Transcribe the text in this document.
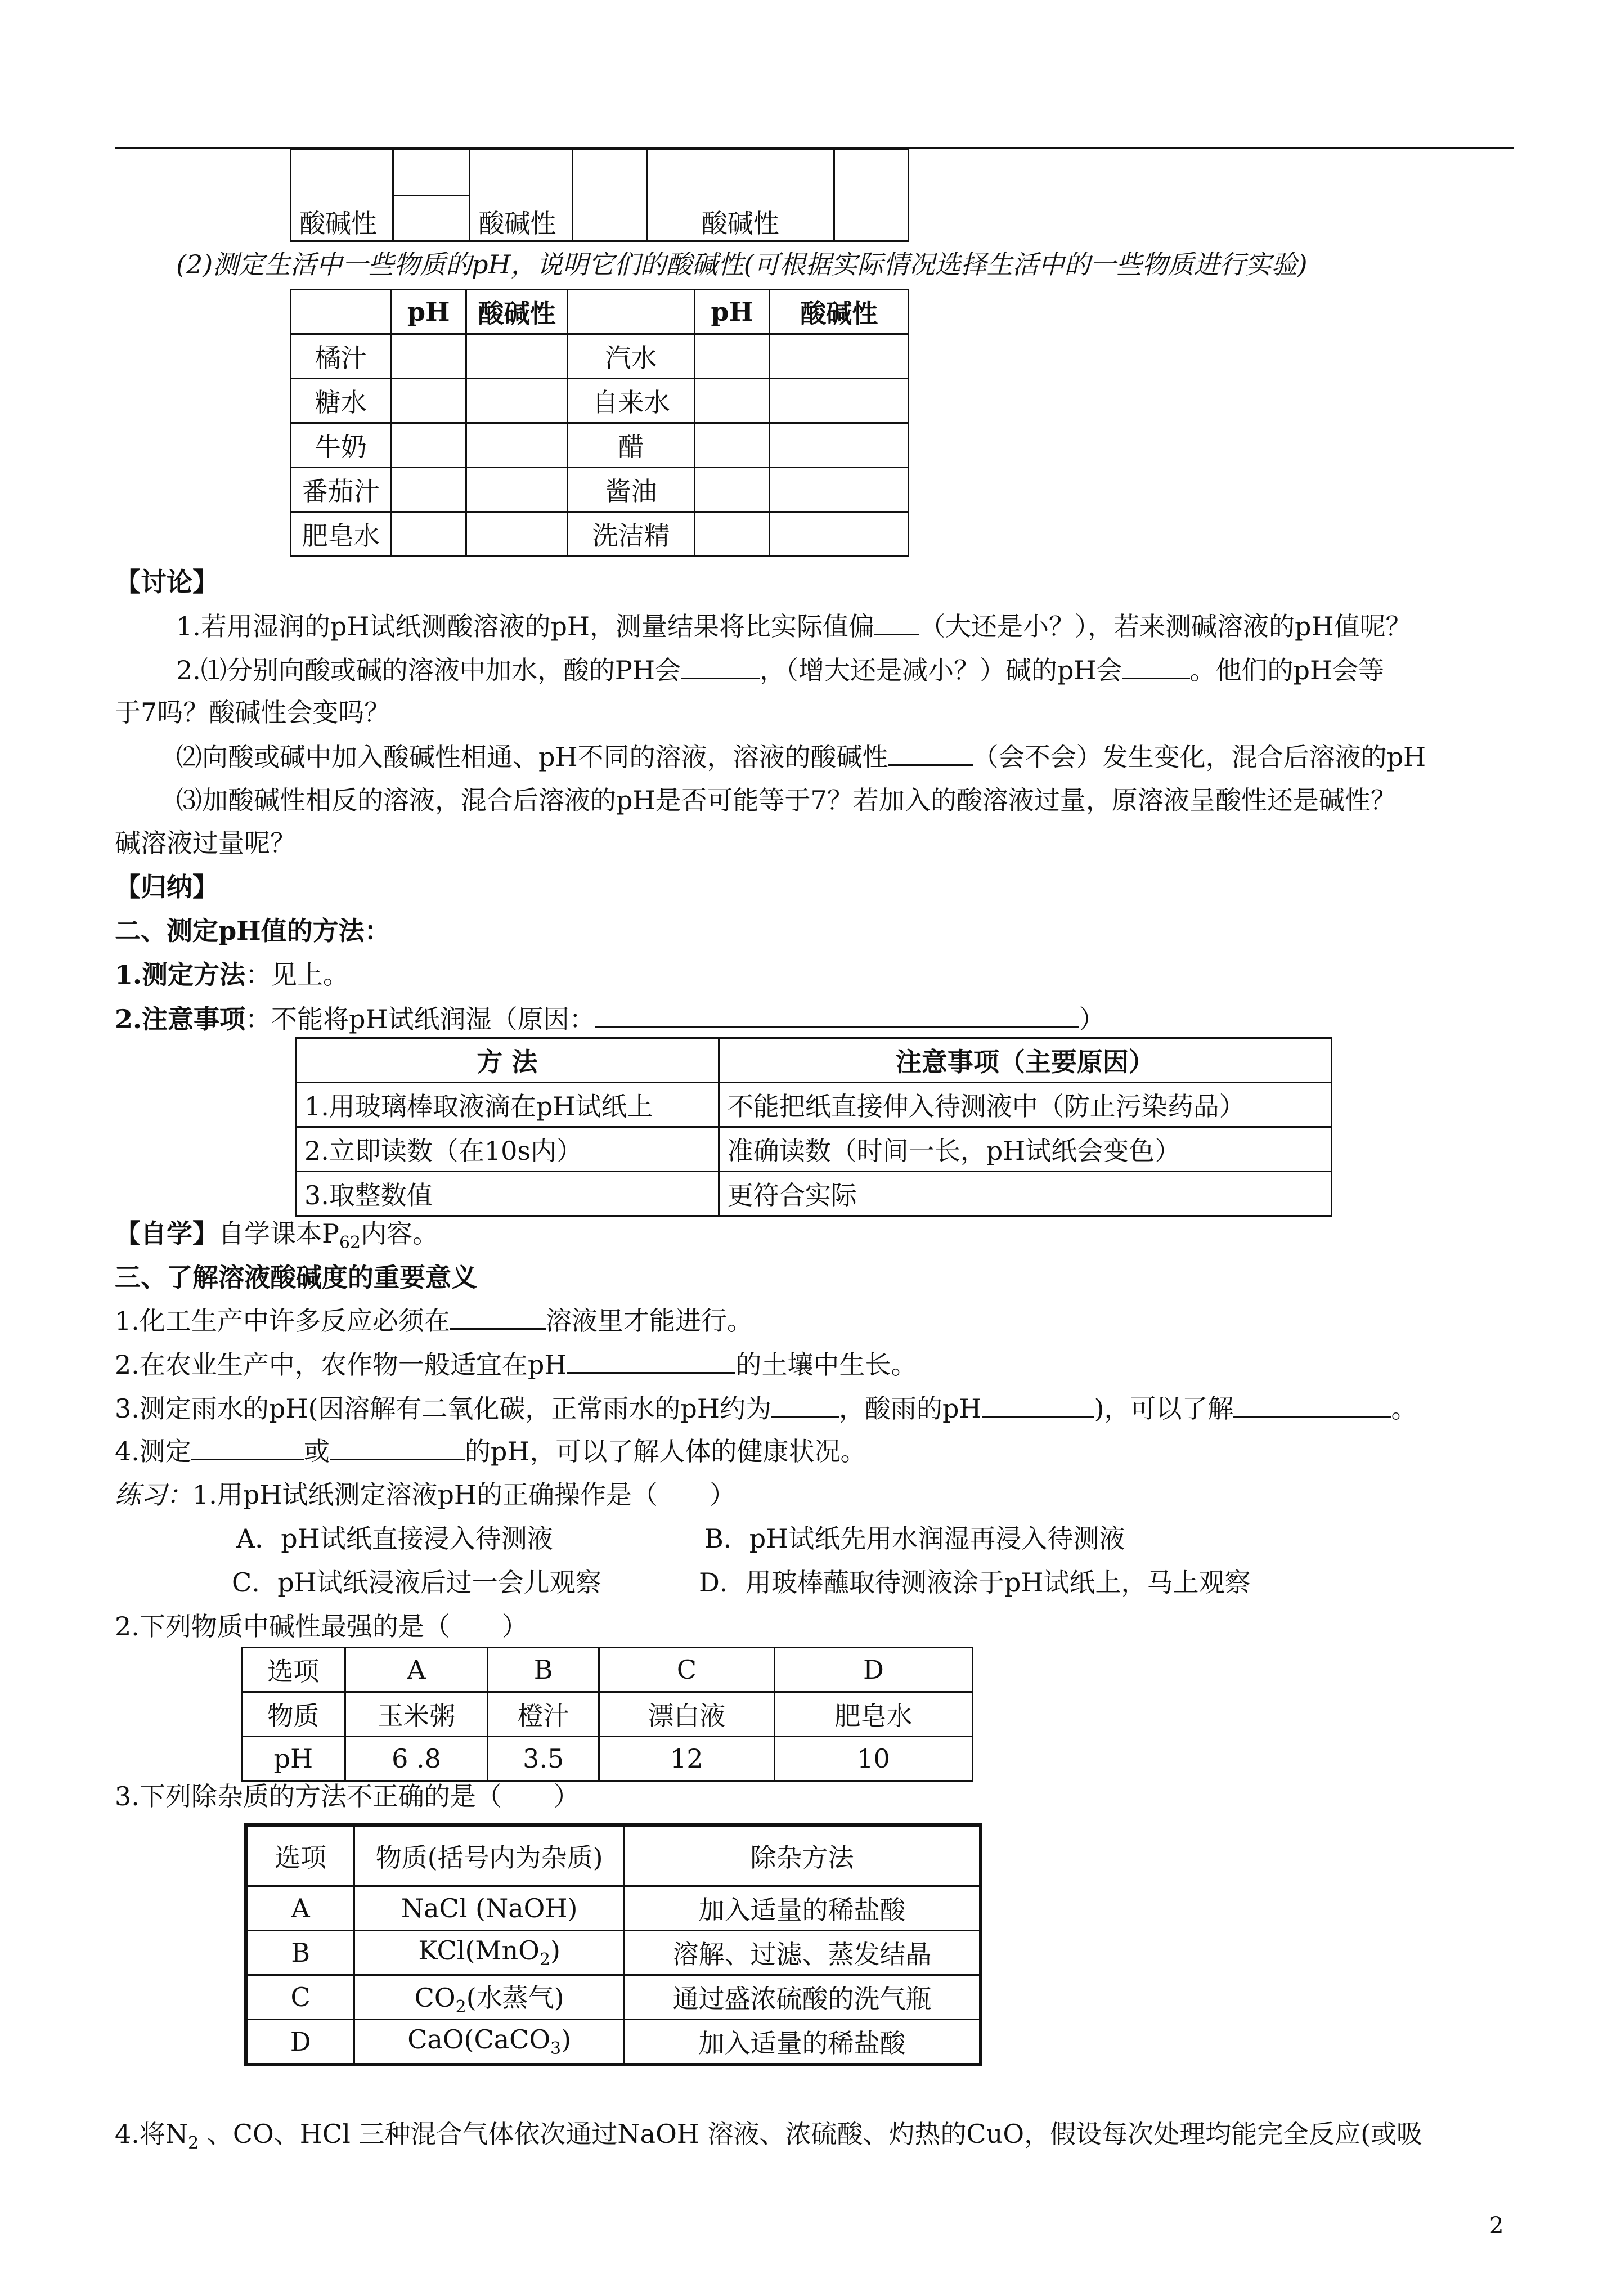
酸碱性		酸碱性		酸碱性	

(2)测定生活中一些物质的pH，说明它们的酸碱性(可根据实际情况选择生活中的一些物质进行实验)
	pH	酸碱性		pH	酸碱性
橘汁			汽水		
糖水			自来水		
牛奶			醋		
番茄汁			酱油		
肥皂水			洗洁精		
【讨论】
1.若用湿润的pH试纸测酸溶液的pH，测量结果将比实际值偏 （大还是小？），若来测碱溶液的pH值呢？
2.⑴分别向酸或碱的溶液中加水，酸的PH会	，（增大还是减小？）碱的pH会	。他们的pH会等
于7吗？酸碱性会变吗？
⑵向酸或碱中加入酸碱性相通、pH不同的溶液，溶液的酸碱性	（会不会）发生变化，混合后溶液的pH
⑶加酸碱性相反的溶液，混合后溶液的pH是否可能等于7？若加入的酸溶液过量，原溶液呈酸性还是碱性？
碱溶液过量呢？
【归纳】
二、测定pH值的方法：
1.测定方法：见上。
2.注意事项：不能将pH试纸润湿（原因：	）
方 法	注意事项（主要原因）
1.用玻璃棒取液滴在pH试纸上	不能把纸直接伸入待测液中（防止污染药品）
2.立即读数（在10s内）	准确读数（时间一长，pH试纸会变色）
3.取整数值	更符合实际
【自学】自学课本$P_{62}$内容。
三、了解溶液酸碱度的重要意义
1.化工生产中许多反应必须在	溶液里才能进行。
2.在农业生产中，农作物一般适宜在pH	的土壤中生长。
3.测定雨水的pH(因溶解有二氧化碳，正常雨水的pH约为	，酸雨的pH	)，可以了解	。
4.测定	或	的pH，可以了解人体的健康状况。
练习：1.用pH试纸测定溶液pH的正确操作是（　　）
A．pH试纸直接浸入待测液	B．pH试纸先用水润湿再浸入待测液
C．pH试纸浸液后过一会儿观察	D．用玻棒蘸取待测液涂于pH试纸上，马上观察
2.下列物质中碱性最强的是（　　）
选项	A	B	C	D
物质	玉米粥	橙汁	漂白液	肥皂水
pH	6 .8	3.5	12	10
3.下列除杂质的方法不正确的是（　　）
选项	物质(括号内为杂质)	除杂方法
A	NaCl (NaOH)	加入适量的稀盐酸
B	KCl(MnO$_2$)	溶解、过滤、蒸发结晶
C	$CO_2$(水蒸气)	通过盛浓硫酸的洗气瓶
D	CaO(CaCO$_3$)	加入适量的稀盐酸
4.将$N_2$ 、CO、HCl 三种混合气体依次通过NaOH 溶液、浓硫酸、灼热的CuO，假设每次处理均能完全反应(或吸
2
